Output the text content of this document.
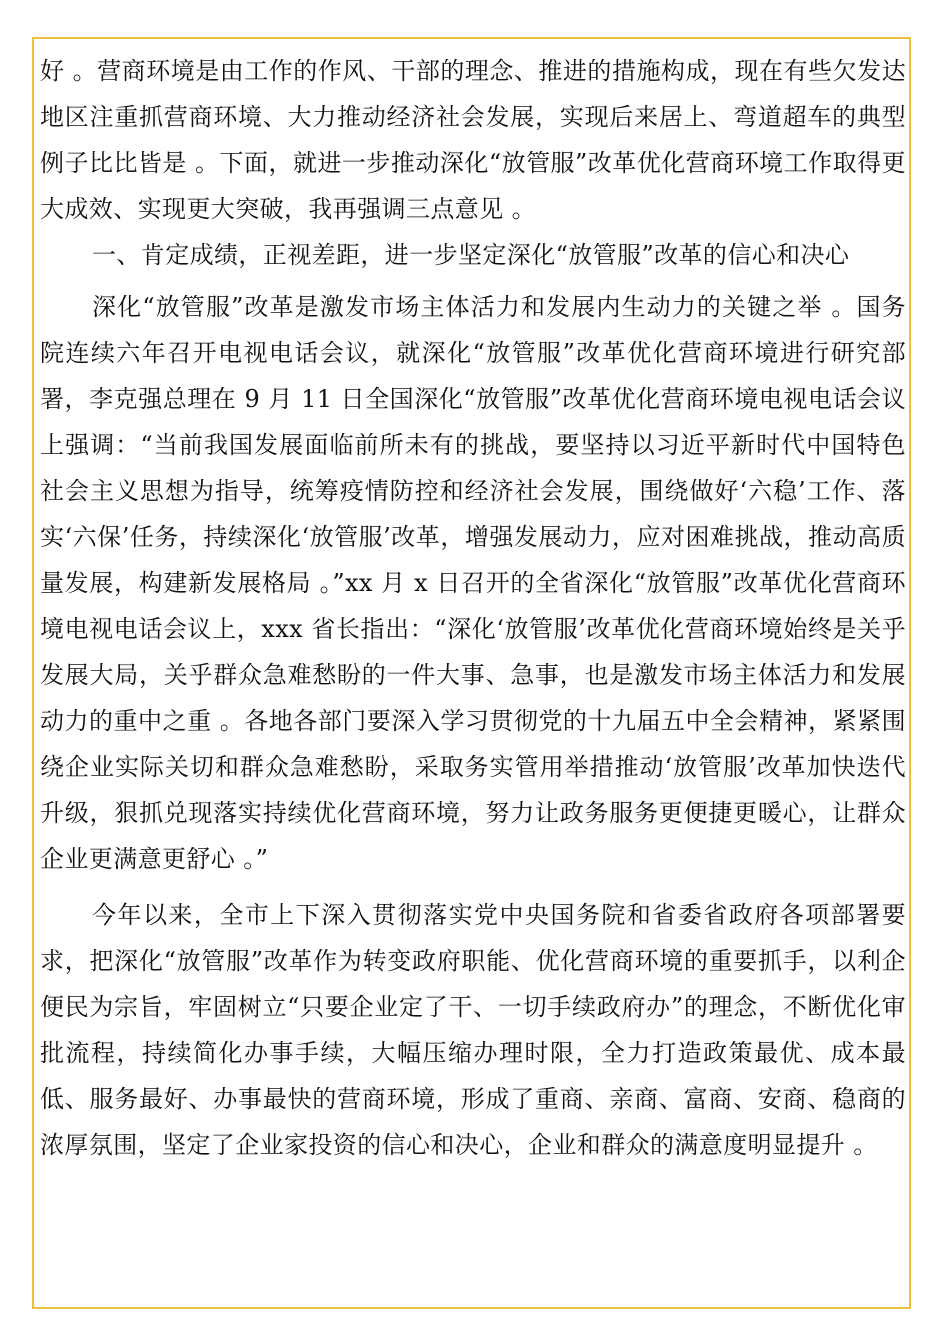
好 。营商环境是由工作的作风、干部的理念、推进的措施构成，现在有些欠发达地区注重抓营商环境、大力推动经济社会发展，实现后来居上、弯道超车的典型例子比比皆是 。下面，就进一步推动深化“放管服”改革优化营商环境工作取得更大成效、实现更大突破，我再强调三点意见 。

一、肯定成绩，正视差距，进一步坚定深化“放管服”改革的信心和决心

深化“放管服”改革是激发市场主体活力和发展内生动力的关键之举 。国务院连续六年召开电视电话会议，就深化“放管服”改革优化营商环境进行研究部署，李克强总理在 9 月 11 日全国深化“放管服”改革优化营商环境电视电话会议上强调：“当前我国发展面临前所未有的挑战，要坚持以习近平新时代中国特色社会主义思想为指导，统筹疫情防控和经济社会发展，围绕做好‘六稳’工作、落实‘六保’任务，持续深化‘放管服’改革，增强发展动力，应对困难挑战，推动高质量发展，构建新发展格局 。”xx 月 x 日召开的全省深化“放管服”改革优化营商环境电视电话会议上，xxx 省长指出：“深化‘放管服’改革优化营商环境始终是关乎发展大局，关乎群众急难愁盼的一件大事、急事，也是激发市场主体活力和发展动力的重中之重 。各地各部门要深入学习贯彻党的十九届五中全会精神，紧紧围绕企业实际关切和群众急难愁盼，采取务实管用举措推动‘放管服’改革加快迭代升级，狠抓兑现落实持续优化营商环境，努力让政务服务更便捷更暖心，让群众企业更满意更舒心 。”

今年以来，全市上下深入贯彻落实党中央国务院和省委省政府各项部署要求，把深化“放管服”改革作为转变政府职能、优化营商环境的重要抓手，以利企便民为宗旨，牢固树立“只要企业定了干、一切手续政府办”的理念，不断优化审批流程，持续简化办事手续，大幅压缩办理时限，全力打造政策最优、成本最低、服务最好、办事最快的营商环境，形成了重商、亲商、富商、安商、稳商的浓厚氛围，坚定了企业家投资的信心和决心，企业和群众的满意度明显提升 。
